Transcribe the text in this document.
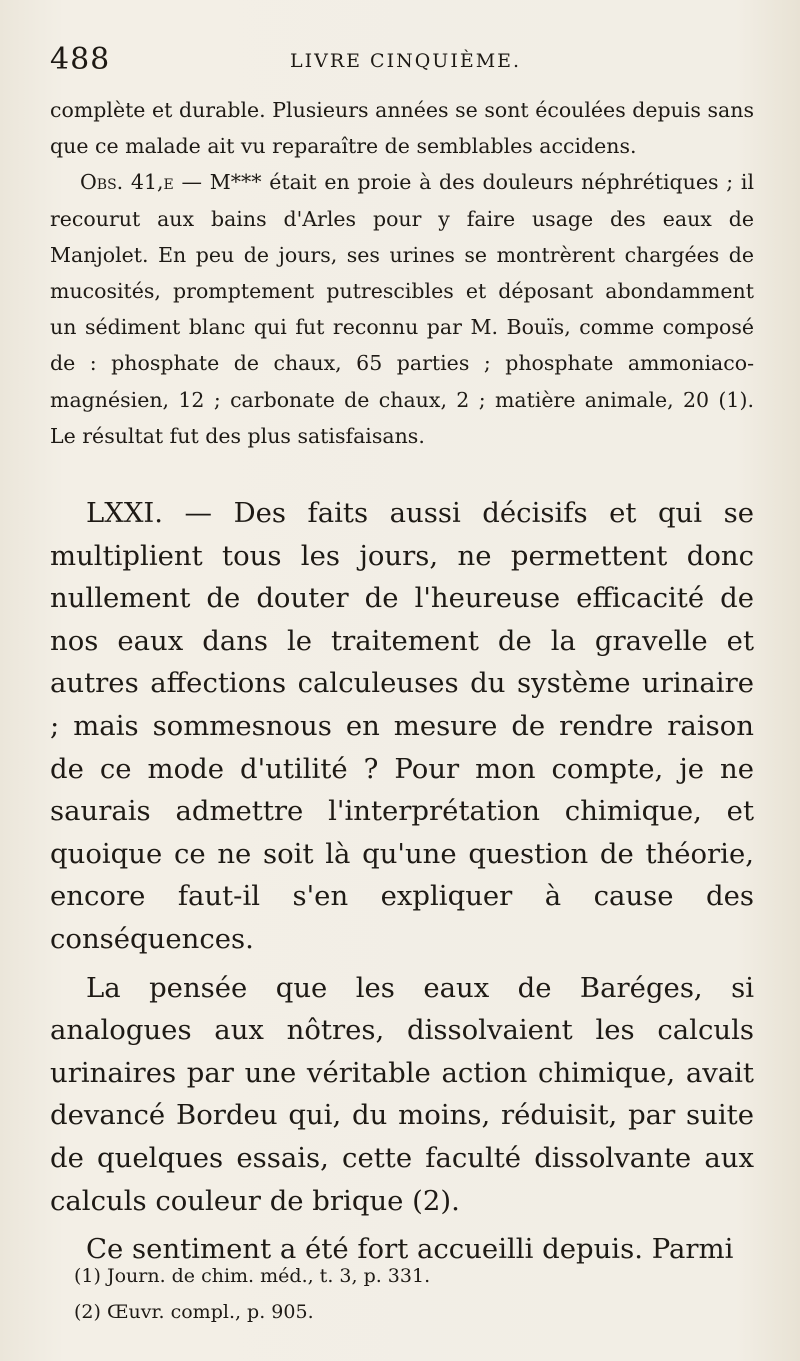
488	LIVRE CINQUIÈME.

complète et durable. Plusieurs années se sont écoulées depuis sans que ce malade ait vu reparaître de semblables accidens.

Obs. 41,e — M*** était en proie à des douleurs néphrétiques ; il recourut aux bains d'Arles pour y faire usage des eaux de Manjolet. En peu de jours, ses urines se montrèrent chargées de mucosités, promptement putrescibles et déposant abondamment un sédiment blanc qui fut reconnu par M. Bouïs, comme composé de : phosphate de chaux, 65 parties ; phosphate ammoniaco-magnésien, 12 ; carbonate de chaux, 2 ; matière animale, 20 (1). Le résultat fut des plus satisfaisans.

LXXI. — Des faits aussi décisifs et qui se multiplient tous les jours, ne permettent donc nullement de douter de l'heureuse efficacité de nos eaux dans le traitement de la gravelle et autres affections calculeuses du système urinaire ; mais sommesnous en mesure de rendre raison de ce mode d'utilité ? Pour mon compte, je ne saurais admettre l'interprétation chimique, et quoique ce ne soit là qu'une question de théorie, encore faut-il s'en expliquer à cause des conséquences.

La pensée que les eaux de Baréges, si analogues aux nôtres, dissolvaient les calculs urinaires par une véritable action chimique, avait devancé Bordeu qui, du moins, réduisit, par suite de quelques essais, cette faculté dissolvante aux calculs couleur de brique (2).

Ce sentiment a été fort accueilli depuis. Parmi

(1) Journ. de chim. méd., t. 3, p. 331.

(2) Œuvr. compl., p. 905.
